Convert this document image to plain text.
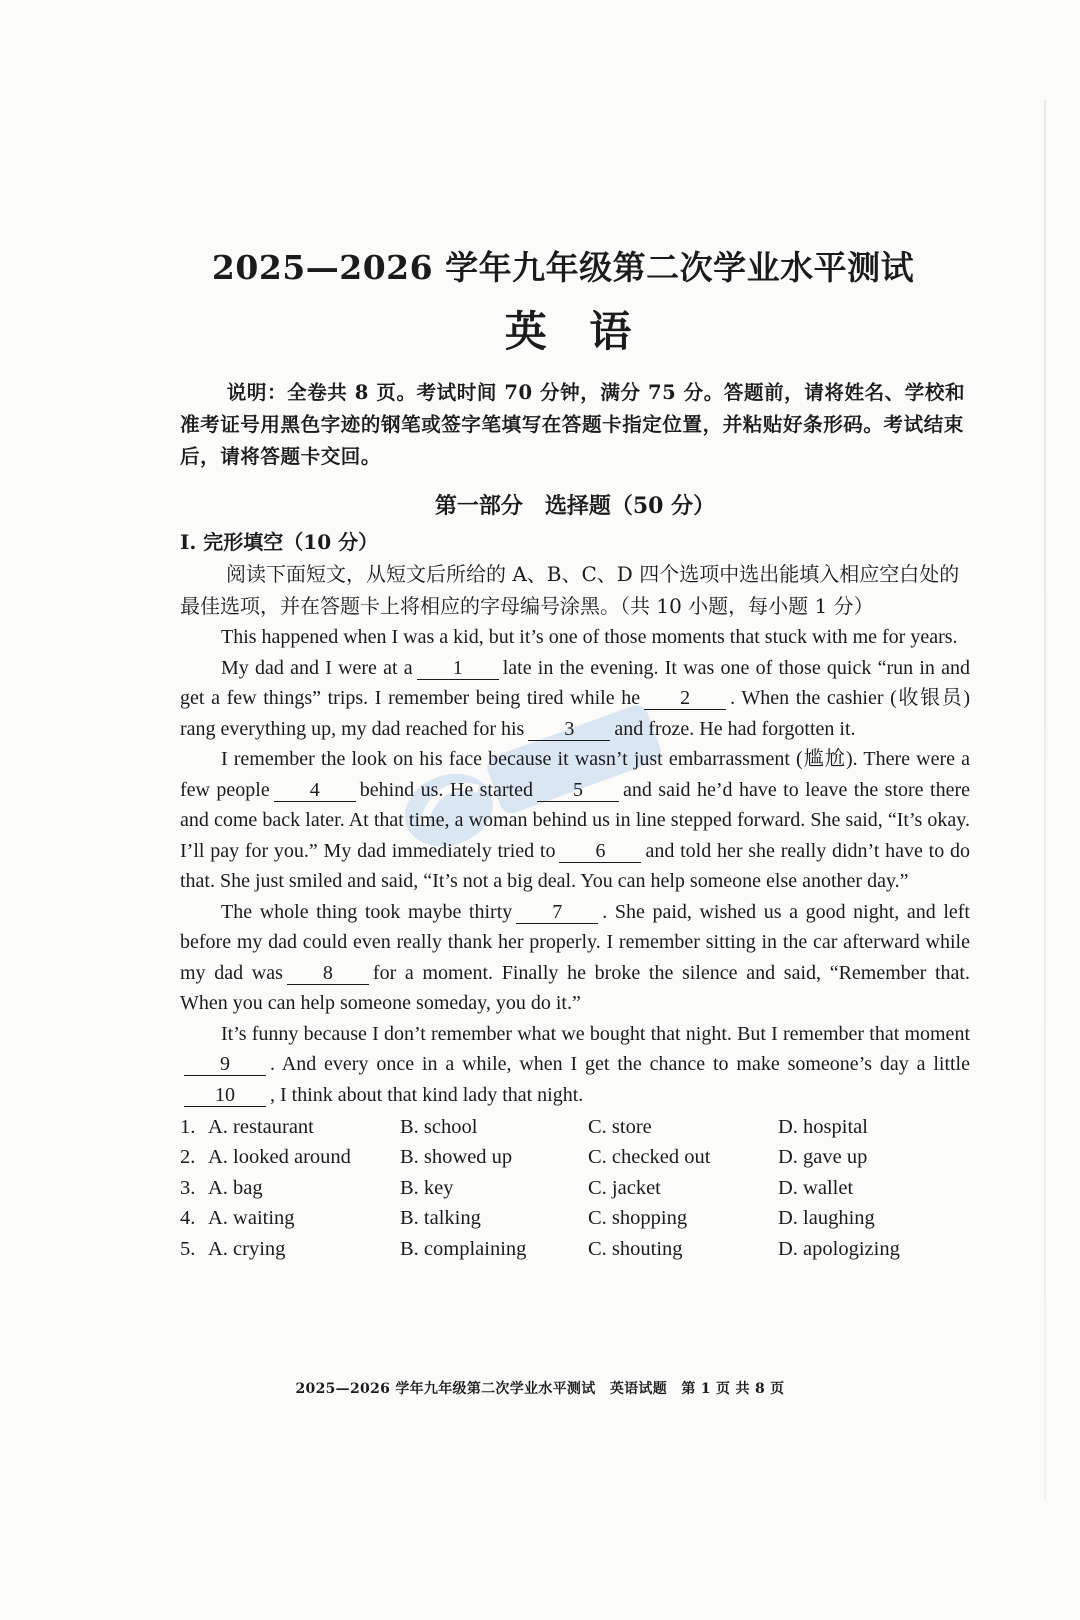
2025—2026 学年九年级第二次学业水平测试
英 语

说明：全卷共 8 页。考试时间 70 分钟，满分 75 分。答题前，请将姓名、学校和准考证号用黑色字迹的钢笔或签字笔填写在答题卡指定位置，并粘贴好条形码。考试结束后，请将答题卡交回。

第一部分　选择题（50 分）
I. 完形填空（10 分）

阅读下面短文，从短文后所给的 A、B、C、D 四个选项中选出能填入相应空白处的最佳选项，并在答题卡上将相应的字母编号涂黑。（共 10 小题，每小题 1 分）

This happened when I was a kid, but it’s one of those moments that stuck with me for years.

My dad and I were at a 1 late in the evening. It was one of those quick “run in and get a few things” trips. I remember being tired while he 2 . When the cashier (收银员) rang everything up, my dad reached for his 3 and froze. He had forgotten it.

I remember the look on his face because it wasn’t just embarrassment (尴尬). There were a few people 4 behind us. He started 5 and said he’d have to leave the store there and come back later. At that time, a woman behind us in line stepped forward. She said, “It’s okay. I’ll pay for you.” My dad immediately tried to 6 and told her she really didn’t have to do that. She just smiled and said, “It’s not a big deal. You can help someone else another day.”

The whole thing took maybe thirty 7 . She paid, wished us a good night, and left before my dad could even really thank her properly. I remember sitting in the car afterward while my dad was 8 for a moment. Finally he broke the silence and said, “Remember that. When you can help someone someday, you do it.”

It’s funny because I don’t remember what we bought that night. But I remember that moment9 . And every once in a while, when I get the chance to make someone’s day a little10 , I think about that kind lady that night.

1. A. restaurant	B. school	C. store	D. hospital
2. A. looked around	B. showed up	C. checked out	D. gave up
3. A. bag	B. key	C. jacket	D. wallet
4. A. waiting	B. talking	C. shopping	D. laughing
5. A. crying	B. complaining	C. shouting	D. apologizing
2025—2026 学年九年级第二次学业水平测试　英语试题　第 1 页 共 8 页
